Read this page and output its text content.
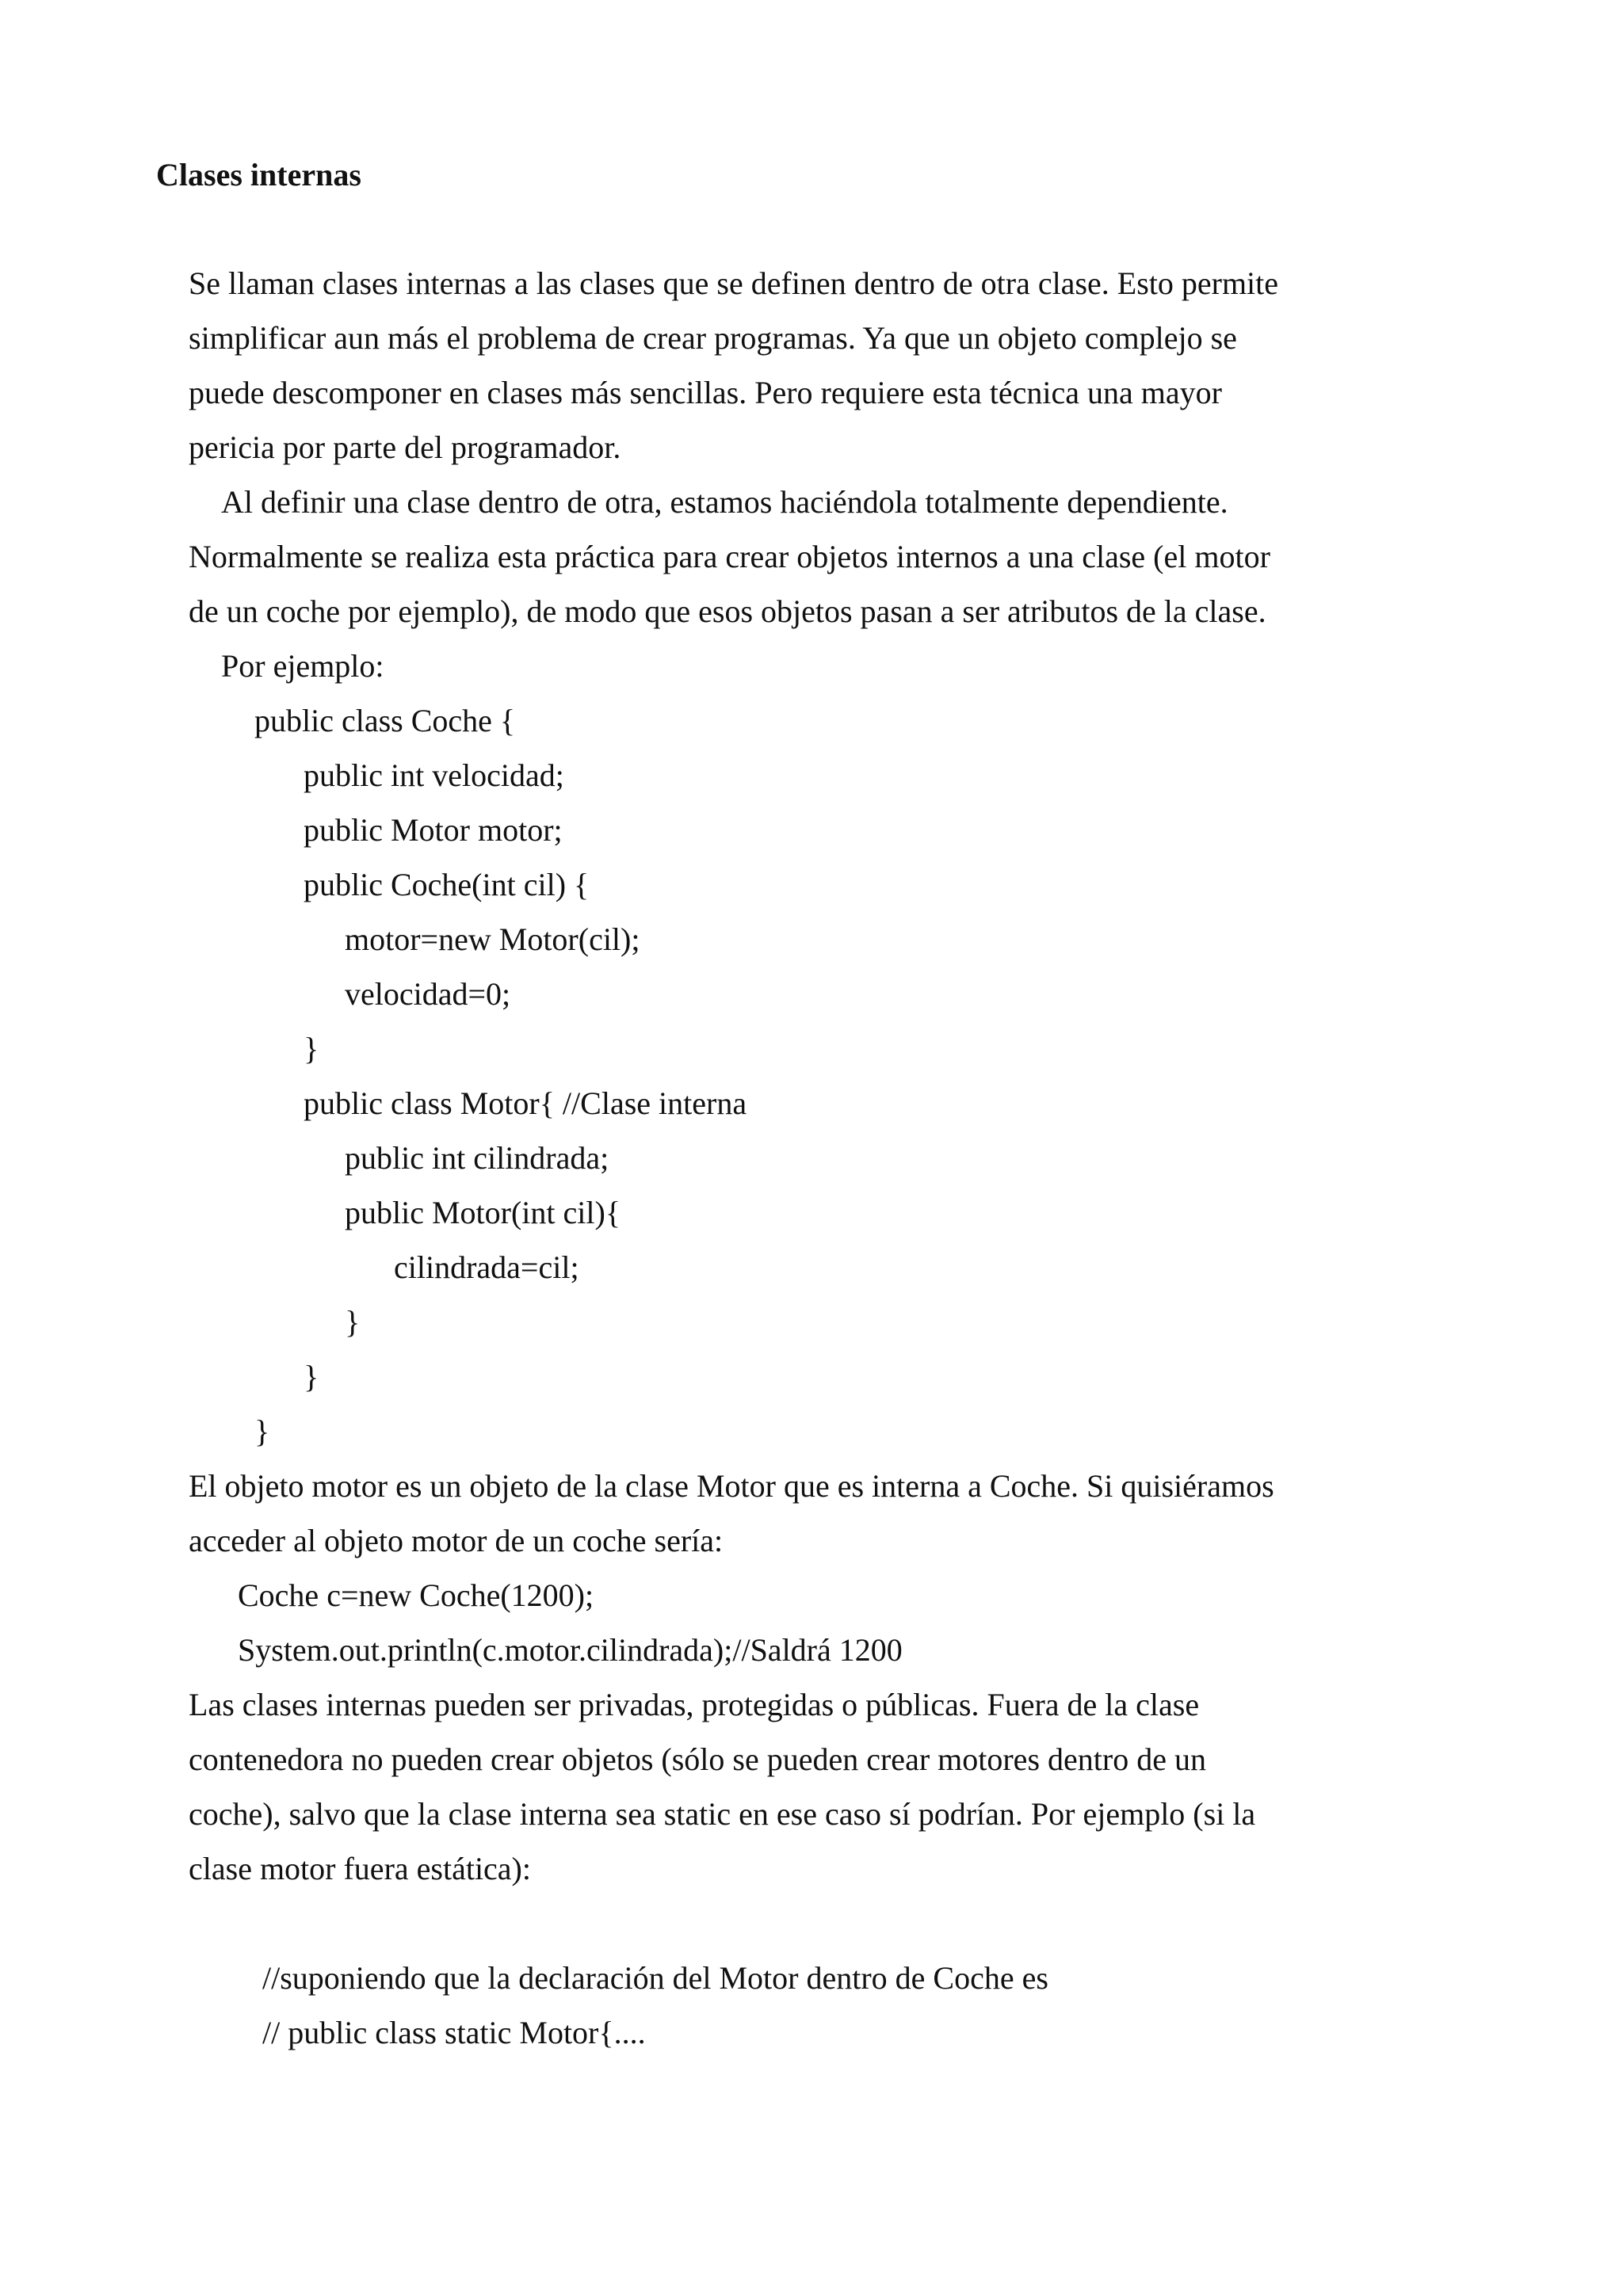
Clases internas
Se llaman clases internas a las clases que se definen dentro de otra clase. Esto permite
simplificar aun más el problema de crear programas. Ya que un objeto complejo se
puede descomponer en clases más sencillas. Pero requiere esta técnica una mayor
pericia por parte del programador.
Al definir una clase dentro de otra, estamos haciéndola totalmente dependiente.
Normalmente se realiza esta práctica para crear objetos internos a una clase (el motor
de un coche por ejemplo), de modo que esos objetos pasan a ser atributos de la clase.
Por ejemplo:
public class Coche {
public int velocidad;
public Motor motor;
public Coche(int cil) {
motor=new Motor(cil);
velocidad=0;
}
public class Motor{ //Clase interna
public int cilindrada;
public Motor(int cil){
cilindrada=cil;
}
}
}
El objeto motor es un objeto de la clase Motor que es interna a Coche. Si quisiéramos
acceder al objeto motor de un coche sería:
Coche c=new Coche(1200);
System.out.println(c.motor.cilindrada);//Saldrá 1200
Las clases internas pueden ser privadas, protegidas o públicas. Fuera de la clase
contenedora no pueden crear objetos (sólo se pueden crear motores dentro de un
coche), salvo que la clase interna sea static en ese caso sí podrían. Por ejemplo (si la
clase motor fuera estática):
//suponiendo que la declaración del Motor dentro de Coche es
// public class static Motor{....
